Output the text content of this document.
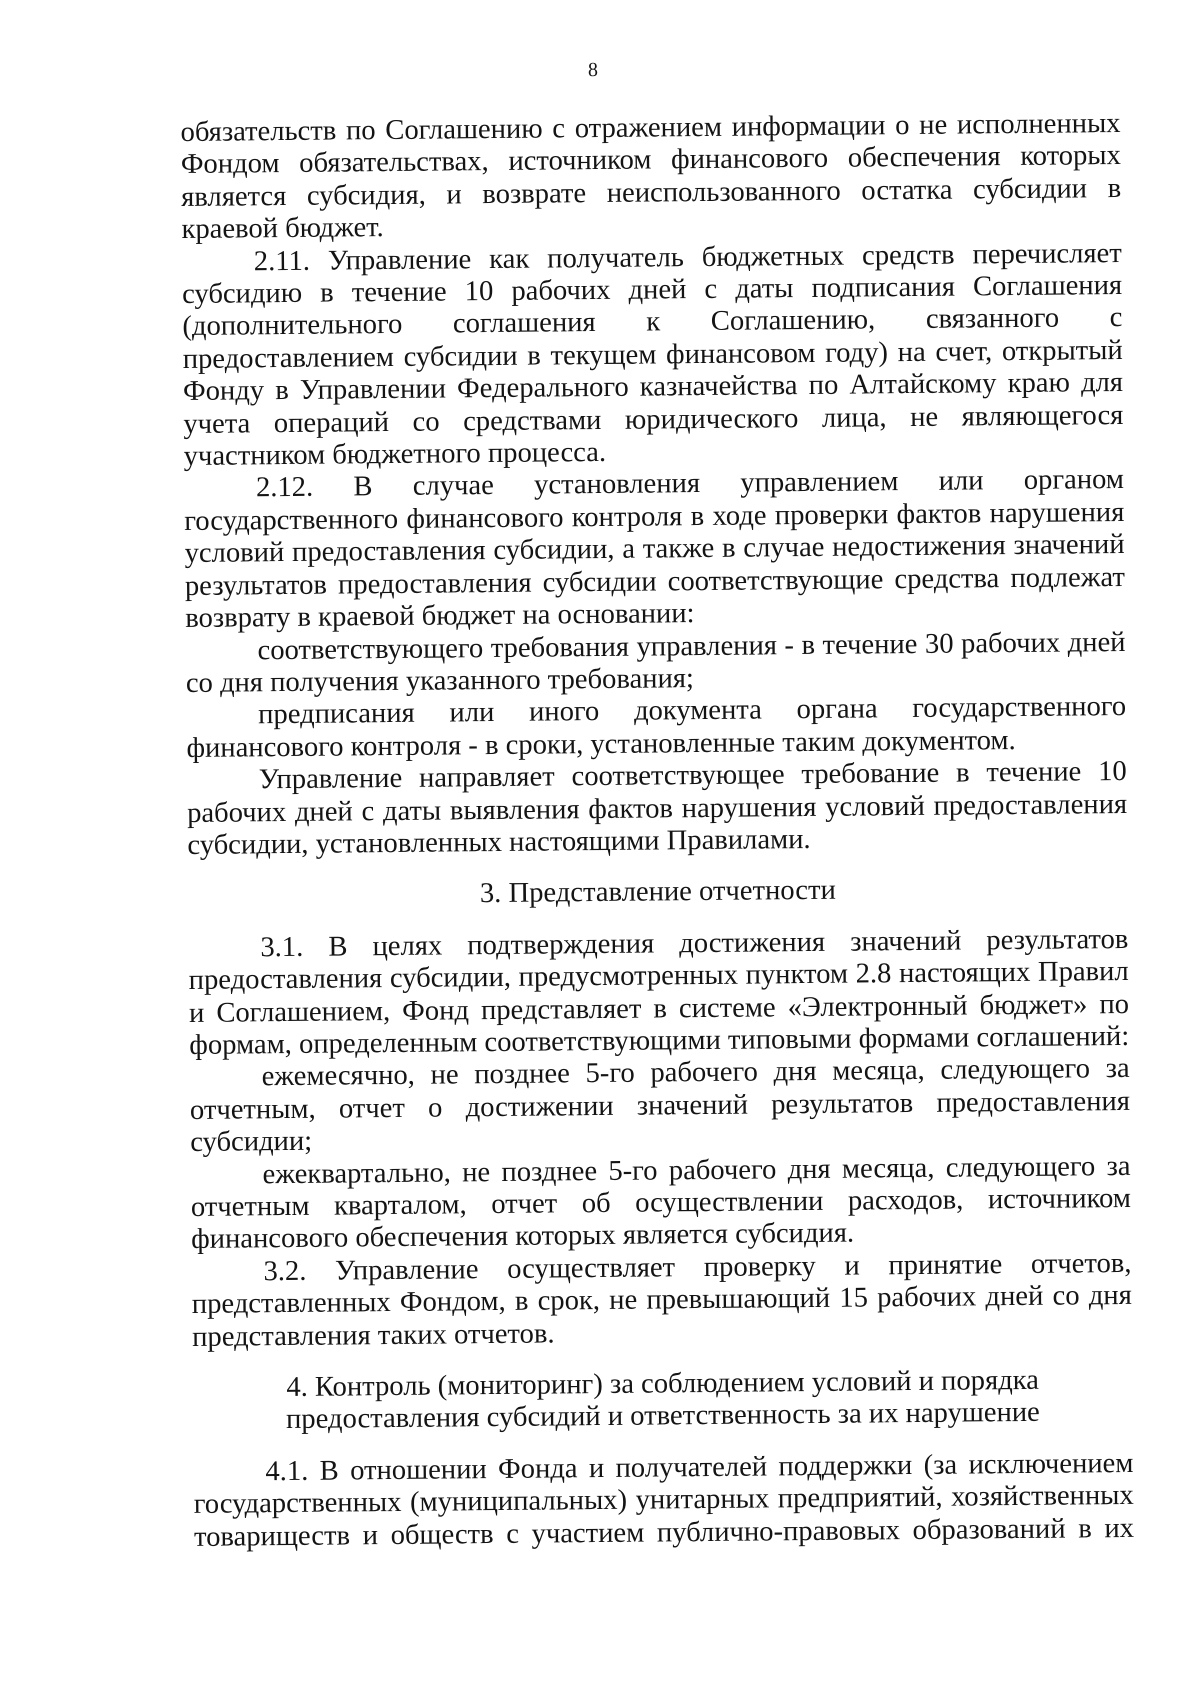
8

обязательств по Соглашению с отражением информации о не исполненных Фондом обязательствах, источником финансового обеспечения которых является субсидия, и возврате неиспользованного остатка субсидии в краевой бюджет.

2.11. Управление как получатель бюджетных средств перечисляет субсидию в течение 10 рабочих дней с даты подписания Соглашения (дополнительного соглашения к Соглашению, связанного с предоставлением субсидии в текущем финансовом году) на счет, открытый Фонду в Управлении Федерального казначейства по Алтайскому краю для учета операций со средствами юридического лица, не являющегося участником бюджетного процесса.

2.12. В случае установления управлением или органом государственного финансового контроля в ходе проверки фактов нарушения условий предоставления субсидии, а также в случае недостижения значений результатов предоставления субсидии соответствующие средства подлежат возврату в краевой бюджет на основании:

соответствующего требования управления - в течение 30 рабочих дней со дня получения указанного требования;

предписания или иного документа органа государственного финансового контроля - в сроки, установленные таким документом.

Управление направляет соответствующее требование в течение 10 рабочих дней с даты выявления фактов нарушения условий предоставления субсидии, установленных настоящими Правилами.

3. Представление отчетности

3.1. В целях подтверждения достижения значений результатов предоставления субсидии, предусмотренных пунктом 2.8 настоящих Правил и Соглашением, Фонд представляет в системе «Электронный бюджет» по формам, определенным соответствующими типовыми формами соглашений:

ежемесячно, не позднее 5-го рабочего дня месяца, следующего за отчетным, отчет о достижении значений результатов предоставления субсидии;

ежеквартально, не позднее 5-го рабочего дня месяца, следующего за отчетным кварталом, отчет об осуществлении расходов, источником финансового обеспечения которых является субсидия.

3.2. Управление осуществляет проверку и принятие отчетов, представленных Фондом, в срок, не превышающий 15 рабочих дней со дня представления таких отчетов.

4. Контроль (мониторинг) за соблюдением условий и порядка предоставления субсидий и ответственность за их нарушение

4.1. В отношении Фонда и получателей поддержки (за исключением государственных (муниципальных) унитарных предприятий, хозяйственных товариществ и обществ с участием публично-правовых образований в их
